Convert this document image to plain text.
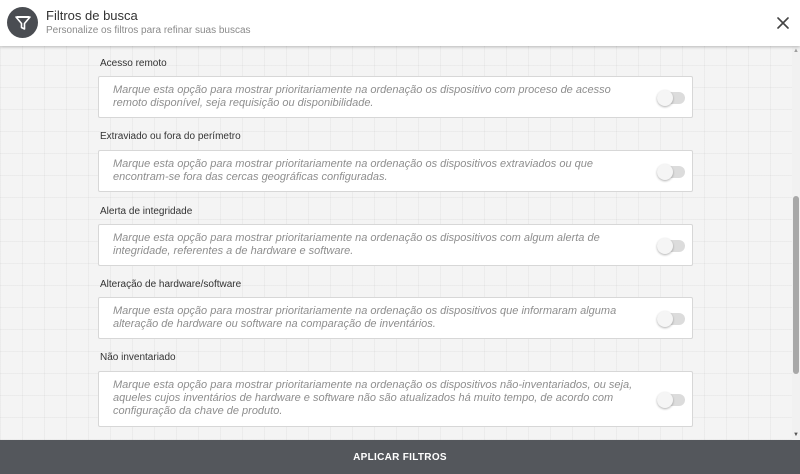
Filtros de busca
Personalize os filtros para refinar suas buscas
Acesso remoto
Marque esta opção para mostrar prioritariamente na ordenação os dispositivo com proceso de acesso remoto disponível, seja requisição ou disponibilidade.
Extraviado ou fora do perímetro
Marque esta opção para mostrar prioritariamente na ordenação os dispositivos extraviados ou que encontram-se fora das cercas geográficas configuradas.
Alerta de integridade
Marque esta opção para mostrar prioritariamente na ordenação os dispositivos com algum alerta de integridade, referentes a de hardware e software.
Alteração de hardware/software
Marque esta opção para mostrar prioritariamente na ordenação os dispositivos que informaram alguma alteração de hardware ou software na comparação de inventários.
Não inventariado
Marque esta opção para mostrar prioritariamente na ordenação os dispositivos não-inventariados, ou seja, aqueles cujos inventários de hardware e software não são atualizados há muito tempo, de acordo com configuração da chave de produto.
▲
▼
APLICAR FILTROS
